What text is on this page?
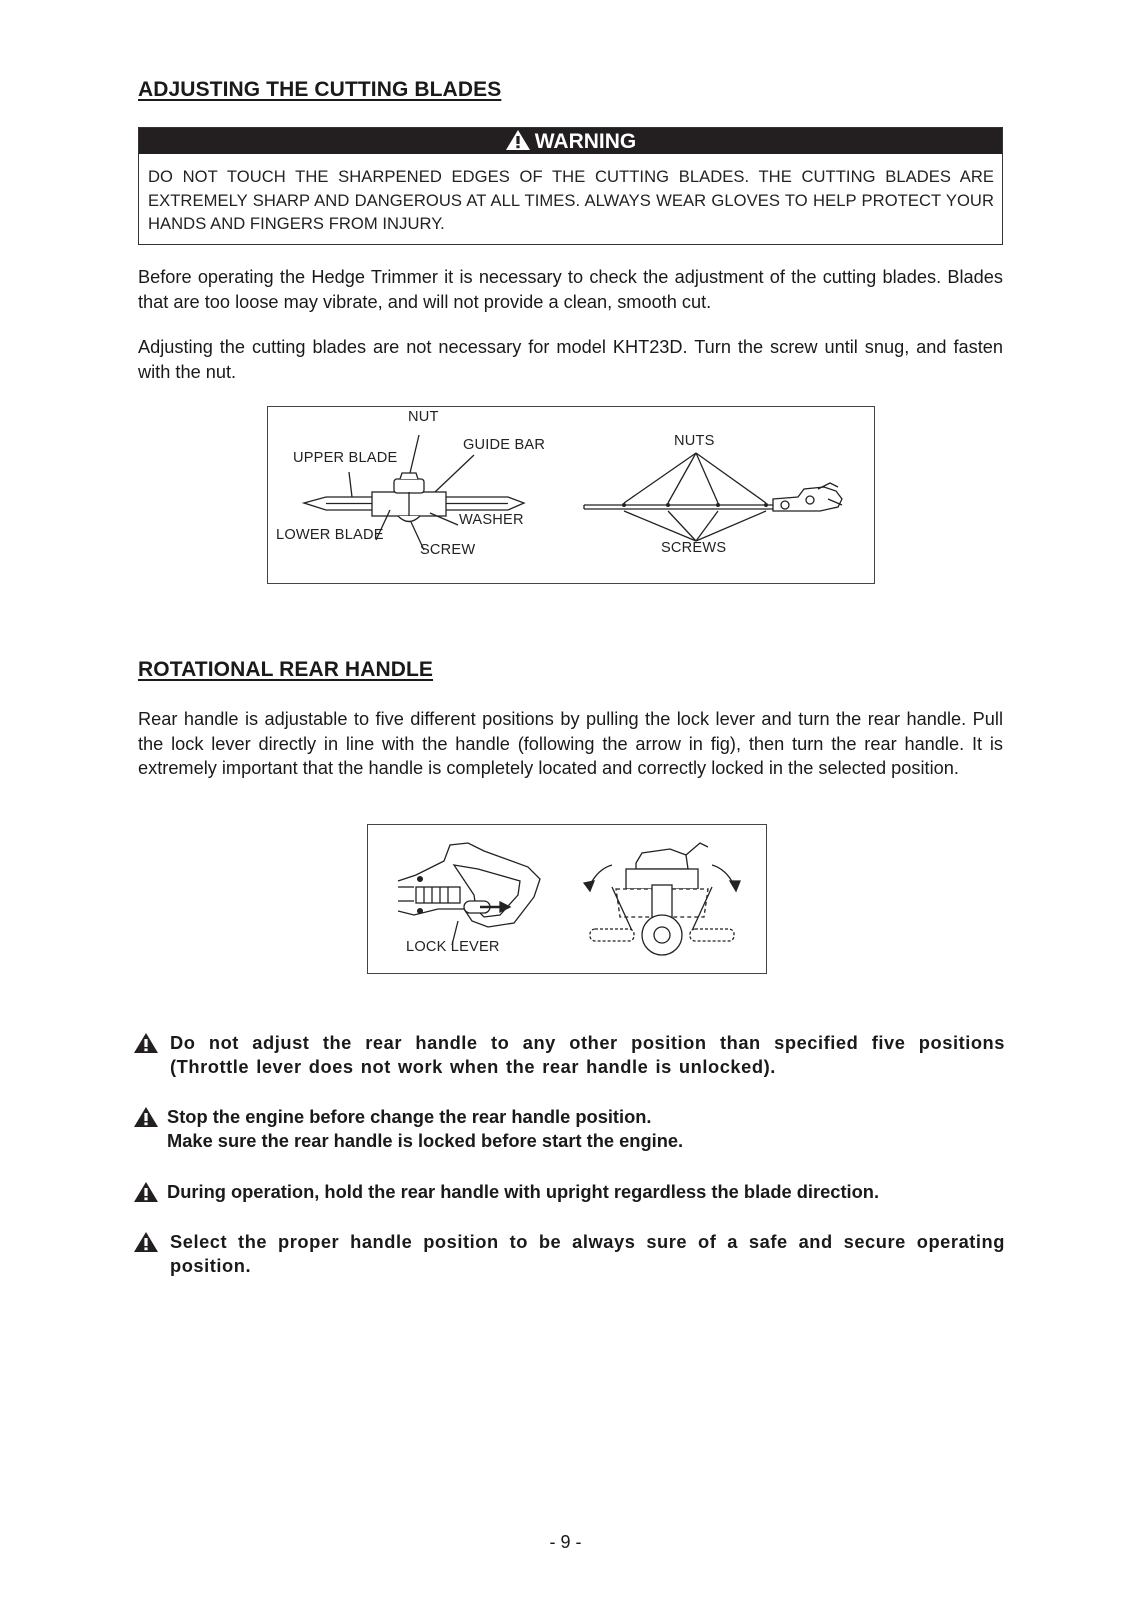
ADJUSTING THE CUTTING BLADES
WARNING
DO NOT TOUCH THE SHARPENED EDGES OF THE CUTTING BLADES. THE CUTTING BLADES ARE EXTREMELY SHARP AND DANGEROUS AT ALL TIMES. ALWAYS WEAR GLOVES TO HELP PROTECT YOUR HANDS AND FINGERS FROM INJURY.

Before operating the Hedge Trimmer it is necessary to check the adjustment of the cutting blades. Blades that are too loose may vibrate, and will not provide a clean, smooth cut.

Adjusting the cutting blades are not necessary for model KHT23D. Turn the screw until snug, and fasten with the nut.

NUT
GUIDE BAR
UPPER BLADE
WASHER
LOWER BLADE
SCREW
NUTS
SCREWS
ROTATIONAL REAR HANDLE

Rear handle is adjustable to five different positions by pulling the lock lever and turn the rear handle. Pull the lock lever directly in line with the handle (following the arrow in fig), then turn the rear handle. It is extremely important that the handle is completely located and correctly locked in the selected position.

LOCK LEVER
Do not adjust the rear handle to any other position than specified five positions (Throttle lever does not work when the rear handle is unlocked).
Stop the engine before change the rear handle position.
Make sure the rear handle is locked before start the engine.
During operation, hold the rear handle with upright regardless the blade direction.
Select the proper handle position to be always sure of a safe and secure operating position.
- 9 -
